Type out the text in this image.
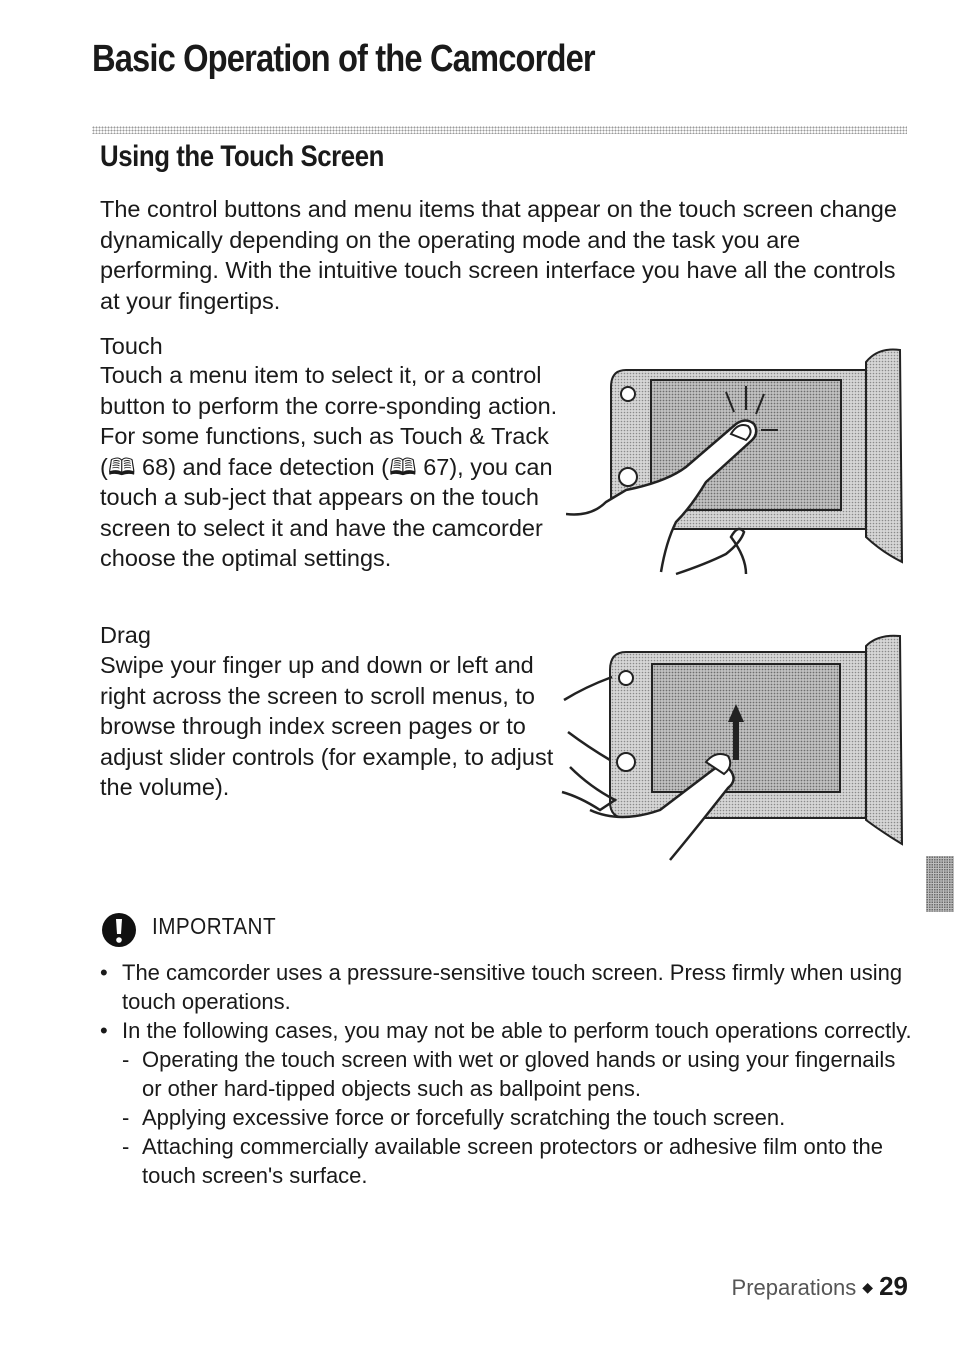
Basic Operation of the Camcorder
Using the Touch Screen

The control buttons and menu items that appear on the touch screen change dynamically depending on the operating mode and the task you are performing. With the intuitive touch screen interface you have all the controls at your fingertips.

Touch

Touch a menu item to select it, or a control button to perform the corre-sponding action. For some functions, such as Touch & Track (🕮 68) and face detection (🕮 67), you can touch a sub-ject that appears on the touch screen to select it and have the camcorder choose the optimal settings.

Drag

Swipe your finger up and down or left and right across the screen to scroll menus, to browse through index screen pages or to adjust slider controls (for example, to adjust the volume).

IMPORTANT
• The camcorder uses a pressure-sensitive touch screen. Press firmly when using touch operations.
• In the following cases, you may not be able to perform touch operations correctly.
- Operating the touch screen with wet or gloved hands or using your fingernails or other hard-tipped objects such as ballpoint pens.
- Applying excessive force or forcefully scratching the touch screen.
- Attaching commercially available screen protectors or adhesive film onto the touch screen's surface.
Preparations ◆ 29
